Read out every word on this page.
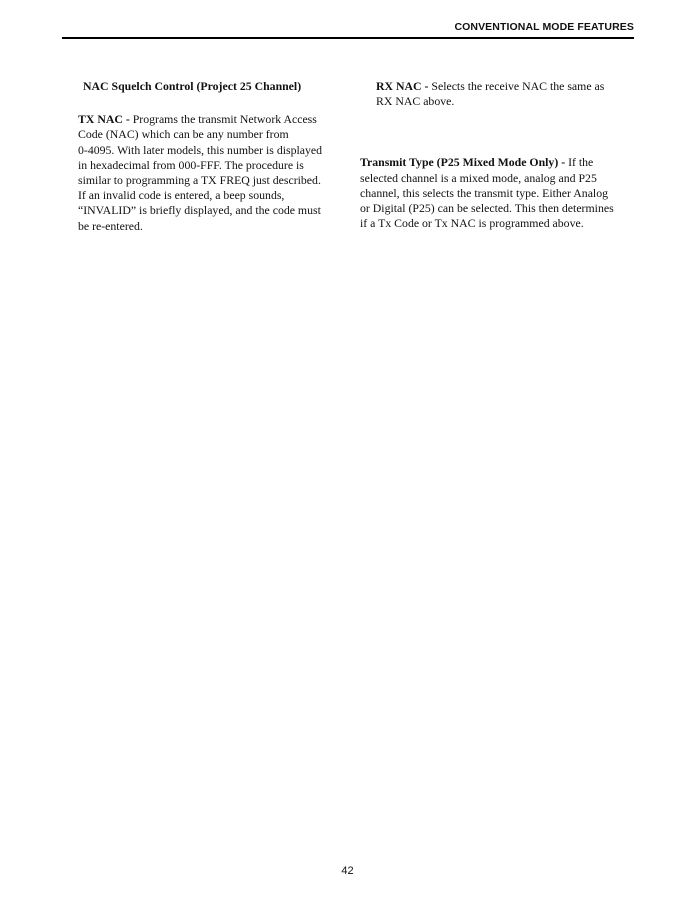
CONVENTIONAL MODE FEATURES
NAC Squelch Control (Project 25 Channel)
TX NAC - Programs the transmit Network Access
Code (NAC) which can be any number from
0-4095. With later models, this number is displayed
in hexadecimal from 000-FFF. The procedure is
similar to programming a TX FREQ just described.
If an invalid code is entered, a beep sounds,
“INVALID” is briefly displayed, and the code must
be re-entered.
RX NAC - Selects the receive NAC the same as
RX NAC above.
Transmit Type (P25 Mixed Mode Only) - If the
selected channel is a mixed mode, analog and P25
channel, this selects the transmit type. Either Analog
or Digital (P25) can be selected. This then determines
if a Tx Code or Tx NAC is programmed above.
42
